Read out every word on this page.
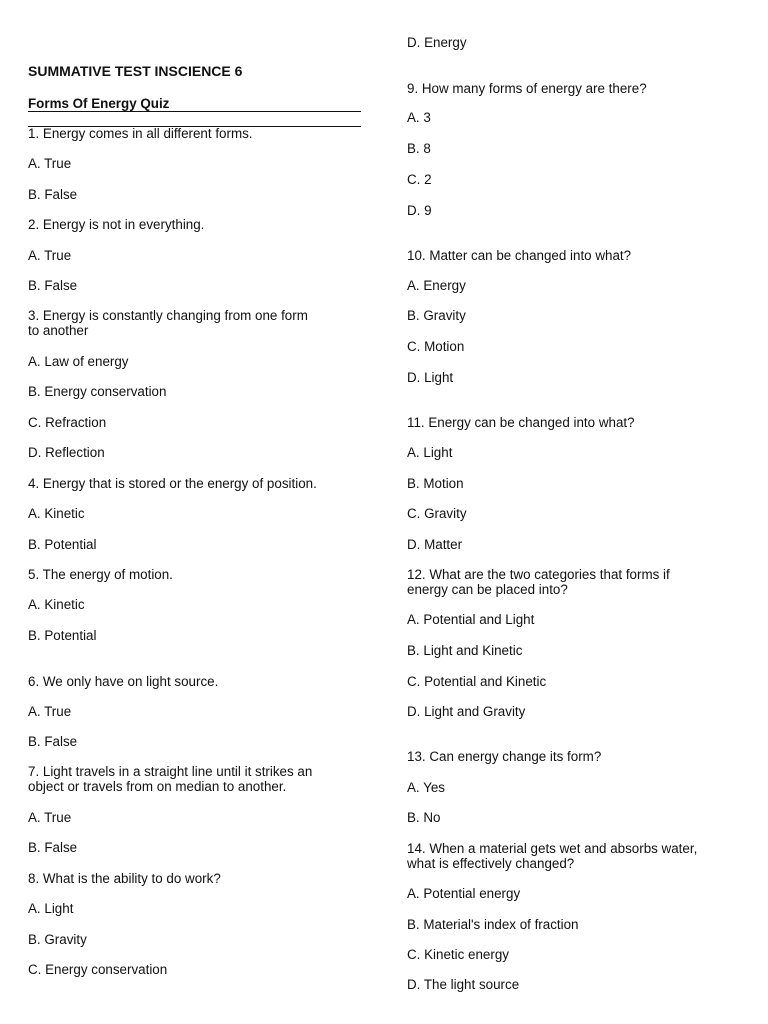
SUMMATIVE TEST INSCIENCE 6
Forms Of Energy Quiz
1. Energy comes in all different forms.
A. True
B. False
2. Energy is not in everything.
A. True
B. False
3. Energy is constantly changing from one form
to another
A. Law of energy
B. Energy conservation
C. Refraction
D. Reflection
4. Energy that is stored or the energy of position.
A. Kinetic
B. Potential
5. The energy of motion.
A. Kinetic
B. Potential
6. We only have on light source.
A. True
B. False
7. Light travels in a straight line until it strikes an
object or travels from on median to another.
A. True
B. False
8. What is the ability to do work?
A. Light
B. Gravity
C. Energy conservation
D. Energy
9. How many forms of energy are there?
A. 3
B. 8
C. 2
D. 9
10. Matter can be changed into what?
A. Energy
B. Gravity
C. Motion
D. Light
11. Energy can be changed into what?
A. Light
B. Motion
C. Gravity
D. Matter
12. What are the two categories that forms if
energy can be placed into?
A. Potential and Light
B. Light and Kinetic
C. Potential and Kinetic
D. Light and Gravity
13. Can energy change its form?
A. Yes
B. No
14. When a material gets wet and absorbs water,
what is effectively changed?
A. Potential energy
B. Material's index of fraction
C. Kinetic energy
D. The light source
